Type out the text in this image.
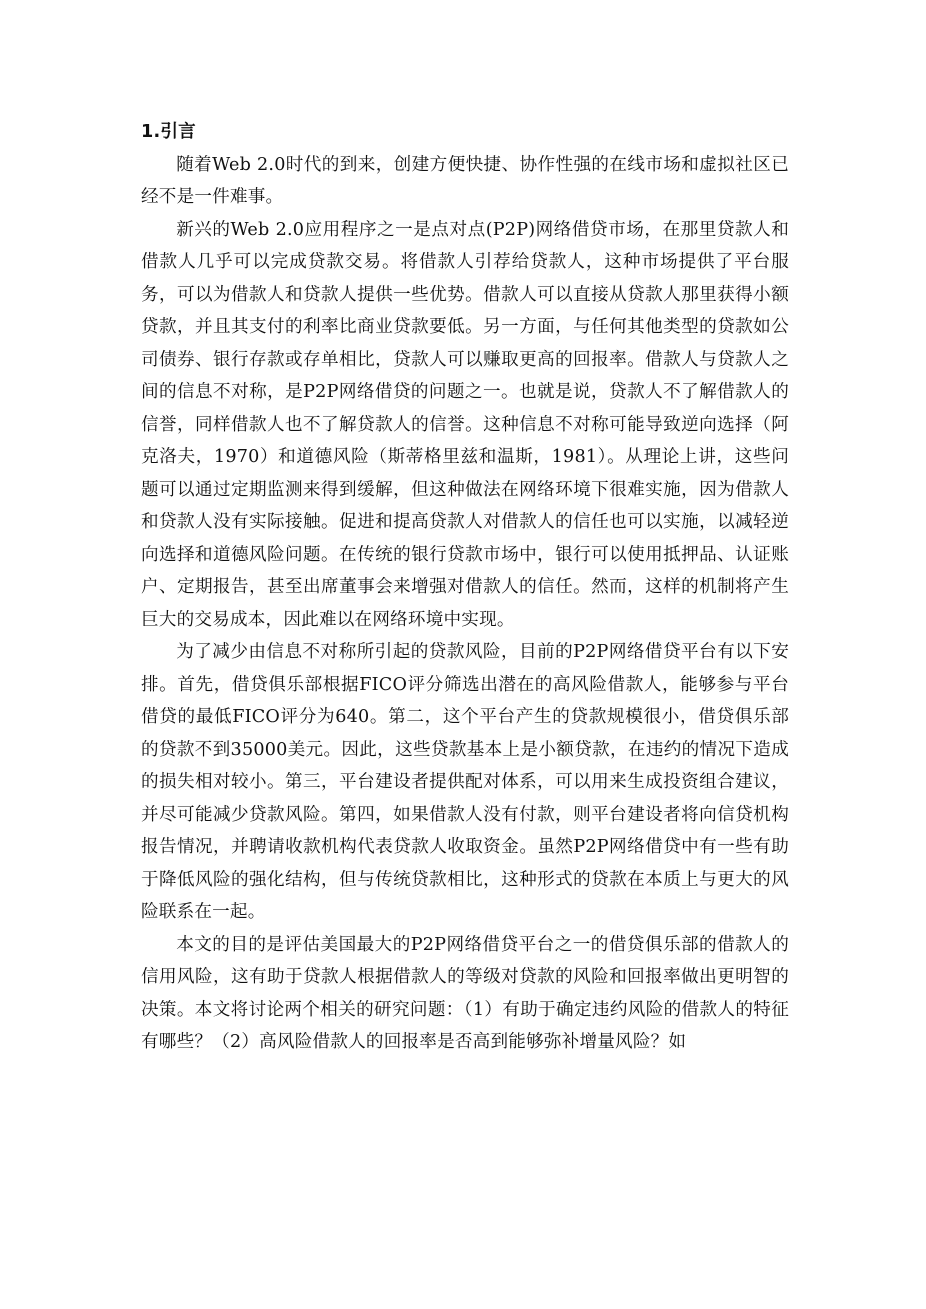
1.引言

随着Web 2.0时代的到来，创建方便快捷、协作性强的在线市场和虚拟社区已经不是一件难事。

新兴的Web 2.0应用程序之一是点对点(P2P)网络借贷市场，在那里贷款人和借款人几乎可以完成贷款交易。将借款人引荐给贷款人，这种市场提供了平台服务，可以为借款人和贷款人提供一些优势。借款人可以直接从贷款人那里获得小额贷款，并且其支付的利率比商业贷款要低。另一方面，与任何其他类型的贷款如公司债券、银行存款或存单相比，贷款人可以赚取更高的回报率。借款人与贷款人之间的信息不对称，是P2P网络借贷的问题之一。也就是说，贷款人不了解借款人的信誉，同样借款人也不了解贷款人的信誉。这种信息不对称可能导致逆向选择（阿克洛夫，1970）和道德风险（斯蒂格里兹和温斯，1981）。从理论上讲，这些问题可以通过定期监测来得到缓解，但这种做法在网络环境下很难实施，因为借款人和贷款人没有实际接触。促进和提高贷款人对借款人的信任也可以实施，以减轻逆向选择和道德风险问题。在传统的银行贷款市场中，银行可以使用抵押品、认证账户、定期报告，甚至出席董事会来增强对借款人的信任。然而，这样的机制将产生巨大的交易成本，因此难以在网络环境中实现。

为了减少由信息不对称所引起的贷款风险，目前的P2P网络借贷平台有以下安排。首先，借贷俱乐部根据FICO评分筛选出潜在的高风险借款人，能够参与平台借贷的最低FICO评分为640。第二，这个平台产生的贷款规模很小，借贷俱乐部的贷款不到35000美元。因此，这些贷款基本上是小额贷款，在违约的情况下造成的损失相对较小。第三，平台建设者提供配对体系，可以用来生成投资组合建议，并尽可能减少贷款风险。第四，如果借款人没有付款，则平台建设者将向信贷机构报告情况，并聘请收款机构代表贷款人收取资金。虽然P2P网络借贷中有一些有助于降低风险的强化结构，但与传统贷款相比，这种形式的贷款在本质上与更大的风险联系在一起。

本文的目的是评估美国最大的P2P网络借贷平台之一的借贷俱乐部的借款人的信用风险，这有助于贷款人根据借款人的等级对贷款的风险和回报率做出更明智的决策。本文将讨论两个相关的研究问题：（1）有助于确定违约风险的借款人的特征有哪些？（2）高风险借款人的回报率是否高到能够弥补增量风险？如
